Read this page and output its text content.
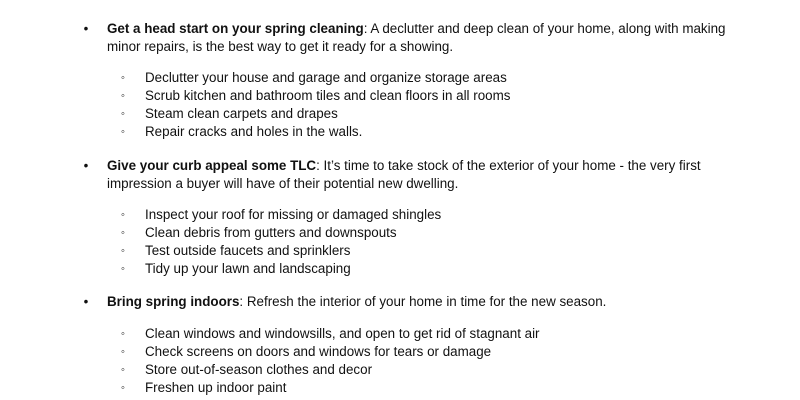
• Get a head start on your spring cleaning: A declutter and deep clean of your home, along with making minor repairs, is the best way to get it ready for a showing.
◦	Declutter your house and garage and organize storage areas
◦	Scrub kitchen and bathroom tiles and clean floors in all rooms
◦	Steam clean carpets and drapes
◦	Repair cracks and holes in the walls.
• Give your curb appeal some TLC: It’s time to take stock of the exterior of your home - the very first impression a buyer will have of their potential new dwelling.
◦	Inspect your roof for missing or damaged shingles
◦	Clean debris from gutters and downspouts
◦	Test outside faucets and sprinklers
◦	Tidy up your lawn and landscaping
• Bring spring indoors: Refresh the interior of your home in time for the new season.
◦	Clean windows and windowsills, and open to get rid of stagnant air
◦	Check screens on doors and windows for tears or damage
◦	Store out-of-season clothes and decor
◦	Freshen up indoor paint
